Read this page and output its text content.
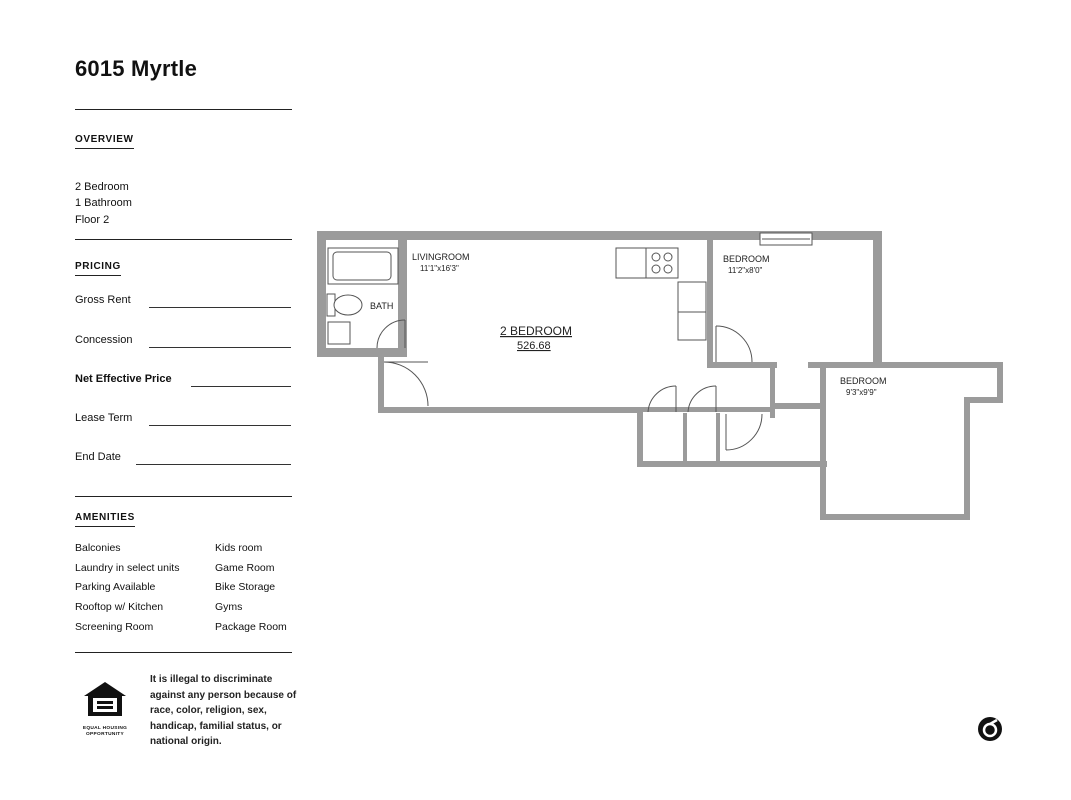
6015 Myrtle
OVERVIEW
2 Bedroom
1 Bathroom
Floor 2
PRICING
Gross Rent
Concession
Net Effective Price
Lease Term
End Date
AMENITIES
Balconies
Laundry in select units
Parking Available
Rooftop w/ Kitchen
Screening Room
Kids room
Game Room
Bike Storage
Gyms
Package Room
EQUAL HOUSING
OPPORTUNITY
It is illegal to discriminate against any person because of race, color, religion, sex, handicap, familial status, or national origin.
LIVINGROOM
11'1"x16'3"
BATH
2 BEDROOM
526.68
BEDROOM
11'2"x8'0"
BEDROOM
9'3"x9'9"
